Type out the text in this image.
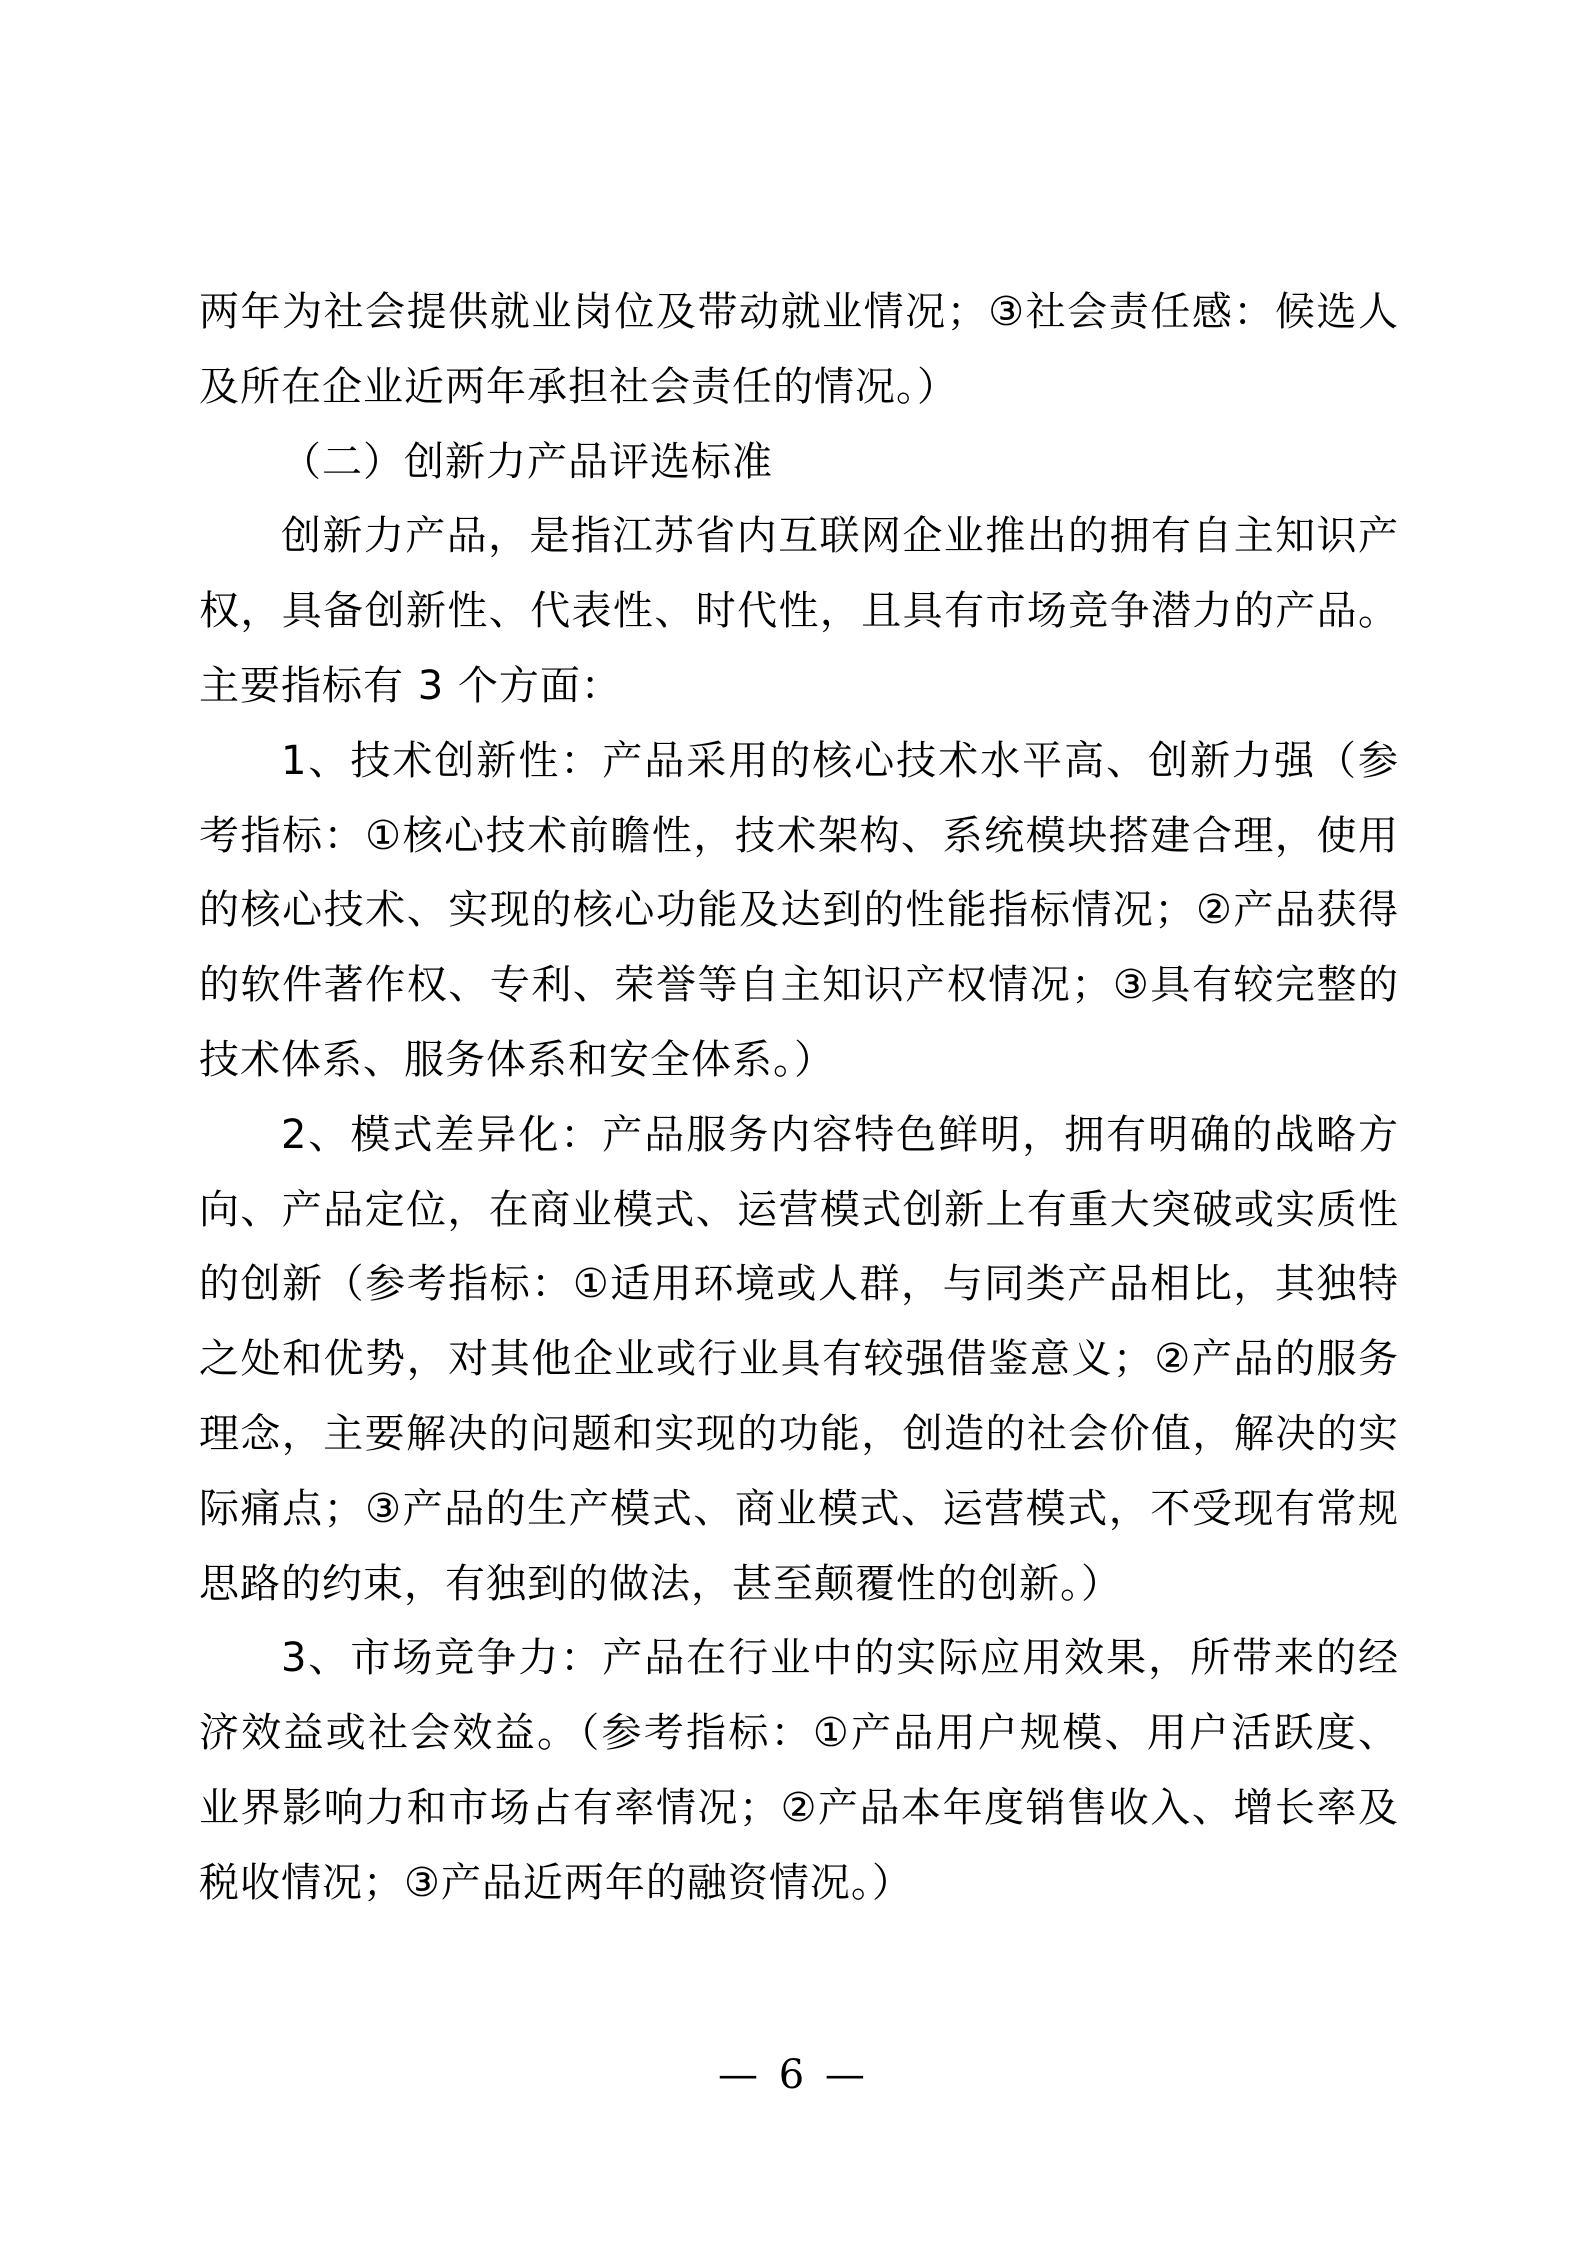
两年为社会提供就业岗位及带动就业情况；③社会责任感：候选人及所在企业近两年承担社会责任的情况。）

（二）创新力产品评选标准

创新力产品，是指江苏省内互联网企业推出的拥有自主知识产权，具备创新性、代表性、时代性，且具有市场竞争潜力的产品。主要指标有 3 个方面：

1、技术创新性：产品采用的核心技术水平高、创新力强（参考指标：①核心技术前瞻性，技术架构、系统模块搭建合理，使用的核心技术、实现的核心功能及达到的性能指标情况；②产品获得的软件著作权、专利、荣誉等自主知识产权情况；③具有较完整的技术体系、服务体系和安全体系。）

2、模式差异化：产品服务内容特色鲜明，拥有明确的战略方向、产品定位，在商业模式、运营模式创新上有重大突破或实质性的创新（参考指标：①适用环境或人群，与同类产品相比，其独特之处和优势，对其他企业或行业具有较强借鉴意义；②产品的服务理念，主要解决的问题和实现的功能，创造的社会价值，解决的实际痛点；③产品的生产模式、商业模式、运营模式，不受现有常规思路的约束，有独到的做法，甚至颠覆性的创新。）

3、市场竞争力：产品在行业中的实际应用效果，所带来的经济效益或社会效益。（参考指标：①产品用户规模、用户活跃度、业界影响力和市场占有率情况；②产品本年度销售收入、增长率及税收情况；③产品近两年的融资情况。）

— 6 —
